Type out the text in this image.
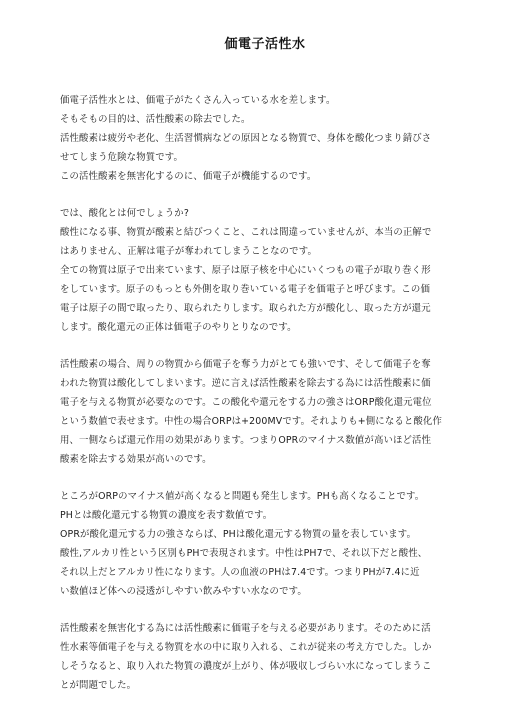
価電子活性水
価電子活性水とは、価電子がたくさん入っている水を差します。
そもそもの目的は、活性酸素の除去でした。
活性酸素は疲労や老化、生活習慣病などの原因となる物質で、身体を酸化つまり錆びさ
せてしまう危険な物質です。
この活性酸素を無害化するのに、価電子が機能するのです。
では、酸化とは何でしょうか?
酸性になる事、物質が酸素と結びつくこと、これは間違っていませんが、本当の正解で
はありません、正解は電子が奪われてしまうことなのです。
全ての物質は原子で出来ています、原子は原子核を中心にいくつもの電子が取り巻く形
をしています。原子のもっとも外側を取り巻いている電子を価電子と呼びます。この価
電子は原子の間で取ったり、取られたりします。取られた方が酸化し、取った方が還元
します。酸化還元の正体は価電子のやりとりなのです。
活性酸素の場合、周りの物質から価電子を奪う力がとても強いです、そして価電子を奪
われた物質は酸化してしまいます。逆に言えば活性酸素を除去する為には活性酸素に価
電子を与える物質が必要なのです。この酸化や還元をする力の強さはORP酸化還元電位
という数値で表せます。中性の場合ORPは+200MVです。それよりも+側になると酸化作
用、一側ならば還元作用の効果があります。つまりOPRのマイナス数値が高いほど活性
酸素を除去する効果が高いのです。
ところがORPのマイナス値が高くなると問題も発生します。PHも高くなることです。
PHとは酸化還元する物質の濃度を表す数値です。
OPRが酸化還元する力の強さならば、PHは酸化還元する物質の量を表しています。
酸性,アルカリ性という区別もPHで表現されます。中性はPH7で、それ以下だと酸性、
それ以上だとアルカリ性になります。人の血液のPHは7.4です。つまりPHが7.4に近
い数値ほど体への浸透がしやすい飲みやすい水なのです。
活性酸素を無害化する為には活性酸素に価電子を与える必要があります。そのために活
性水素等価電子を与える物質を水の中に取り入れる、これが従来の考え方でした。しか
しそうなると、取り入れた物質の濃度が上がり、体が吸収しづらい水になってしまうこ
とが問題でした。
